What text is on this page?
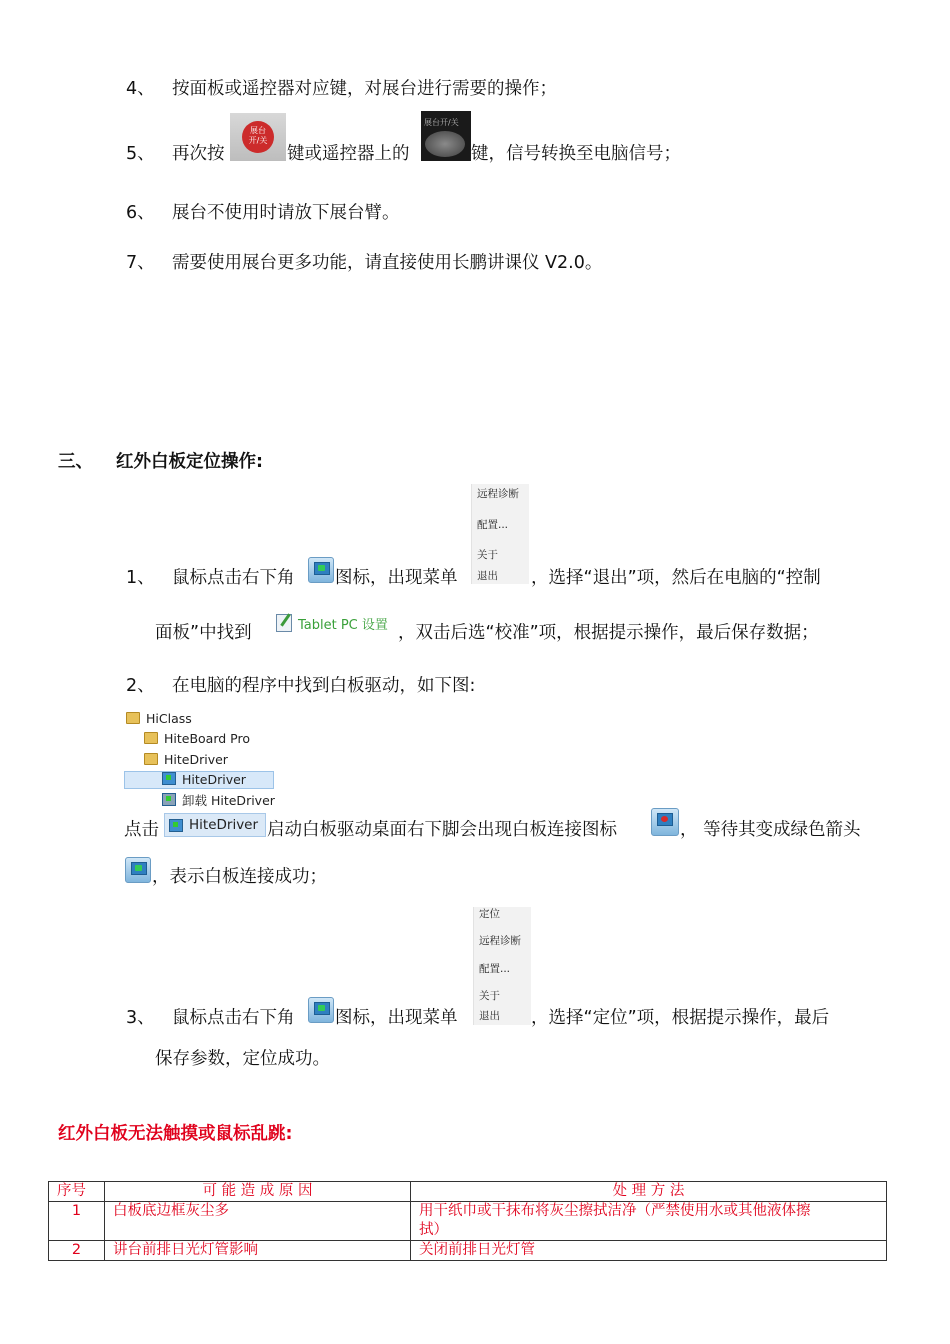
4、 按面板或遥控器对应键，对展台进行需要的操作；
5、 再次按
展台
开/关
键或遥控器上的
展台开/关
键，信号转换至电脑信号；
6、 展台不使用时请放下展台臂。
7、 需要使用展台更多功能，请直接使用长鹏讲课仪 V2.0。
三、 红外白板定位操作:
远程诊断
配置...
关于
退出
1、 鼠标点击右下角 图标，出现菜单	，选择“退出”项，然后在电脑的“控制
面板”中找到	Tablet PC 设置 ，双击后选“校准”项，根据提示操作，最后保存数据；
2、 在电脑的程序中找到白板驱动，如下图:
HiClass
HiteBoard Pro
HiteDriver
HiteDriver
卸载 HiteDriver
点击 HiteDriver 启动白板驱动桌面右下脚会出现白板连接图标	， 等待其变成绿色箭头
，表示白板连接成功；
定位
远程诊断
配置...
关于
退出
3、 鼠标点击右下角 图标，出现菜单	，选择“定位”项，根据提示操作，最后
保存参数，定位成功。
红外白板无法触摸或鼠标乱跳:
序号	可 能 造 成 原 因	处 理 方 法
1	白板底边框灰尘多	用干纸巾或干抹布将灰尘擦拭洁净（严禁使用水或其他液体擦
拭）

2	讲台前排日光灯管影响	关闭前排日光灯管
